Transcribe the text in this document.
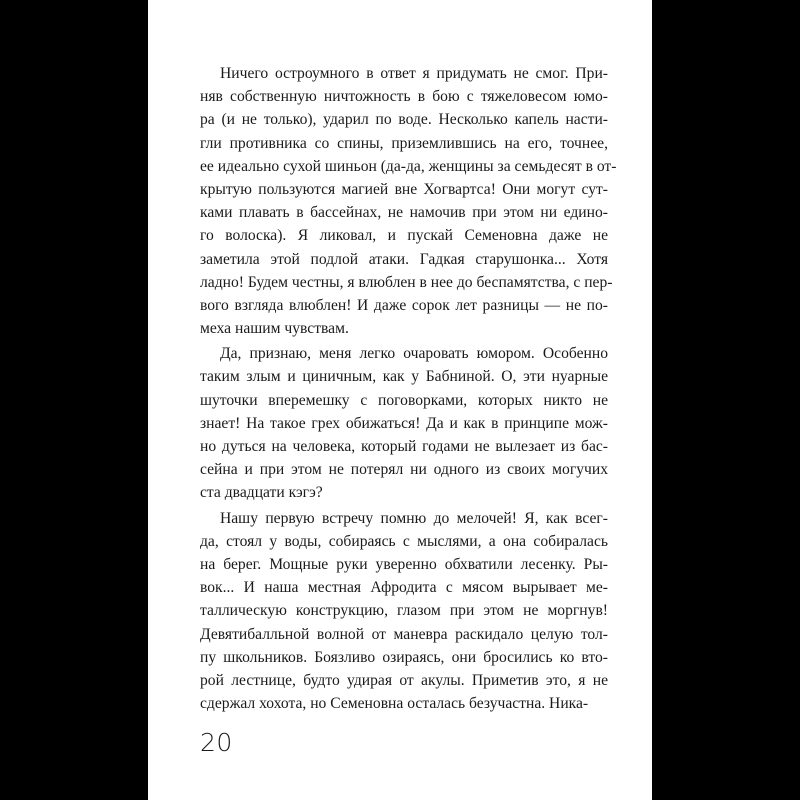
Ничего остроумного в ответ я придумать не смог. При-
няв собственную ничтожность в бою с тяжеловесом юмо-
ра (и не только), ударил по воде. Несколько капель насти-
гли противника со спины, приземлившись на его, точнее,
ее идеально сухой шиньон (да-да, женщины за семьдесят в от-
крытую пользуются магией вне Хогвартса! Они могут сут-
ками плавать в бассейнах, не намочив при этом ни едино-
го волоска). Я ликовал, и пускай Семеновна даже не
заметила этой подлой атаки. Гадкая старушонка... Хотя
ладно! Будем честны, я влюблен в нее до беспамятства, с пер-
вого взгляда влюблен! И даже сорок лет разницы — не по-
меха нашим чувствам.
Да, признаю, меня легко очаровать юмором. Особенно
таким злым и циничным, как у Бабниной. О, эти нуарные
шуточки вперемешку с поговорками, которых никто не
знает! На такое грех обижаться! Да и как в принципе мож-
но дуться на человека, который годами не вылезает из бас-
сейна и при этом не потерял ни одного из своих могучих
ста двадцати кэгэ?
Нашу первую встречу помню до мелочей! Я, как всег-
да, стоял у воды, собираясь с мыслями, а она собиралась
на берег. Мощные руки уверенно обхватили лесенку. Ры-
вок... И наша местная Афродита с мясом вырывает ме-
таллическую конструкцию, глазом при этом не моргнув!
Девятибалльной волной от маневра раскидало целую тол-
пу школьников. Боязливо озираясь, они бросились ко вто-
рой лестнице, будто удирая от акулы. Приметив это, я не
сдержал хохота, но Семеновна осталась безучастна. Ника-
20
